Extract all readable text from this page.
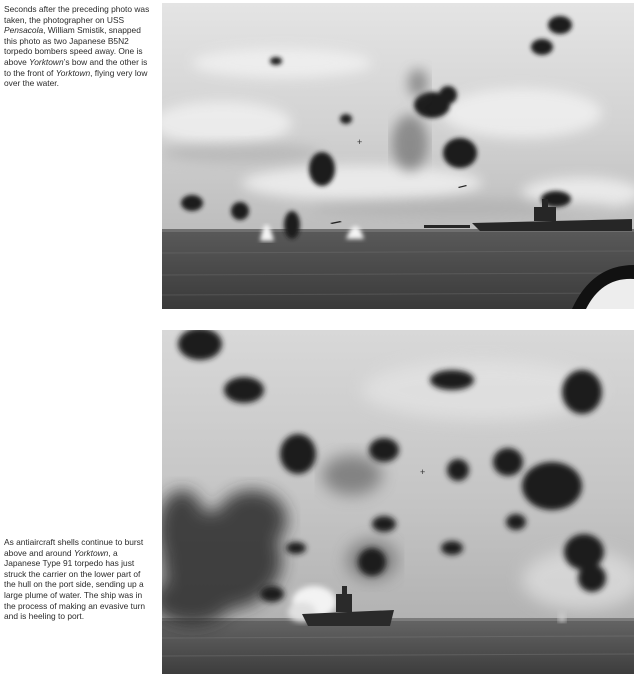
Seconds after the preceding photo was taken, the photographer on USS Pensacola, William Smistik, snapped this photo as two Japanese B5N2 torpedo bombers speed away. One is above Yorktown’s bow and the other is to the front of Yorktown, flying very low over the water.
+
+
As antiaircraft shells continue to burst above and around Yorktown, a Japanese Type 91 torpedo has just struck the carrier on the lower part of the hull on the port side, sending up a large plume of water. The ship was in the process of making an evasive turn and is heeling to port.
